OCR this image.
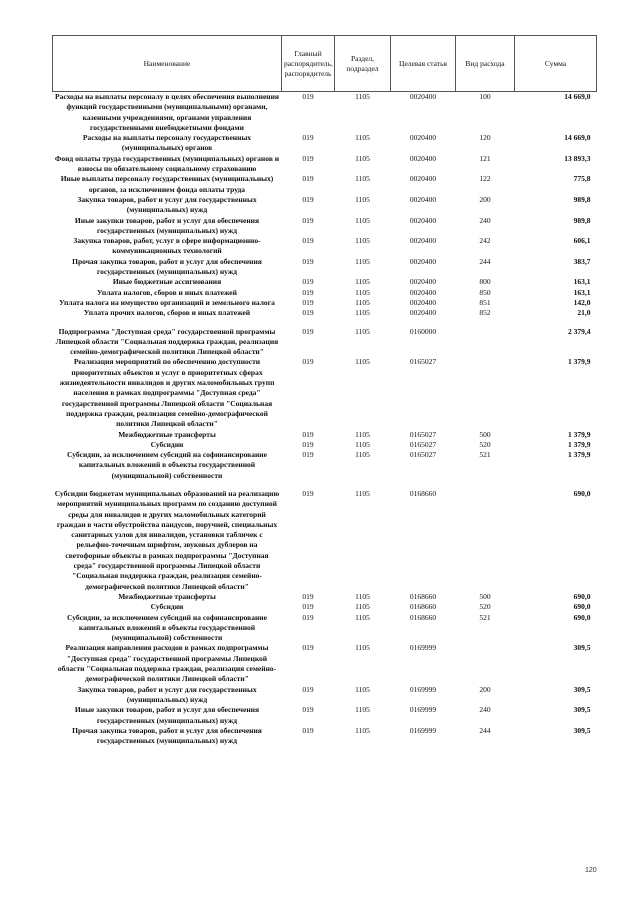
Наименование	Главный распорядитель, распорядитель	Раздел, подраздел	Целевая статья	Вид расхода	Сумма
Расходы на выплаты персоналу в целях обеспечения выполнения функций государственными (муниципальными) органами, казенными учреждениями, органами управления государственными внебюджетными фондами	019	1105	0020400	100	14 669,0
Расходы на выплаты персоналу государственных (муниципальных) органов	019	1105	0020400	120	14 669,0
Фонд оплаты труда государственных (муниципальных) органов и взносы по обязательному социальному страхованию	019	1105	0020400	121	13 893,3
Иные выплаты персоналу государственных (муниципальных) органов, за исключением фонда оплаты труда	019	1105	0020400	122	775,8
Закупка товаров, работ и услуг для государственных (муниципальных) нужд	019	1105	0020400	200	989,8
Иные закупки товаров, работ и услуг для обеспечения государственных (муниципальных) нужд	019	1105	0020400	240	989,8
Закупка товаров, работ, услуг в сфере информационно-коммуникационных технологий	019	1105	0020400	242	606,1
Прочая закупка товаров, работ и услуг для обеспечения государственных (муниципальных) нужд	019	1105	0020400	244	383,7
Иные бюджетные ассигнования	019	1105	0020400	800	163,1
Уплата налогов, сборов и иных платежей	019	1105	0020400	850	163,1
Уплата налога на имущество организаций и земельного налога	019	1105	0020400	851	142,0
Уплата прочих налогов, сборов и иных платежей	019	1105	0020400	852	21,0

Подпрограмма "Доступная среда" государственной программы Липецкой области "Социальная поддержка граждан, реализация семейно-демографической политики Липецкой области"	019	1105	0160000		2 379,4
Реализация мероприятий по обеспечению доступности приоритетных объектов и услуг в приоритетных сферах жизнедеятельности инвалидов и других маломобильных групп населения в рамках подпрограммы "Доступная среда" государственной программы Липецкой области "Социальная поддержка граждан, реализация семейно-демографической политики Липецкой области"	019	1105	0165027		1 379,9
Межбюджетные трансферты	019	1105	0165027	500	1 379,9
Субсидии	019	1105	0165027	520	1 379,9
Субсидии, за исключением субсидий на софинансирование капитальных вложений в объекты государственной (муниципальной) собственности	019	1105	0165027	521	1 379,9

Субсидии бюджетам муниципальных образований на реализацию мероприятий муниципальных программ по созданию доступной среды для инвалидов и других маломобильных категорий граждан в части обустройства пандусов, поручней, специальных санитарных узлов для инвалидов, установки табличек с рельефно-точечным шрифтом, звуковых дублеров на светофорные объекты в рамках подпрограммы "Доступная среда" государственной программы Липецкой области "Социальная поддержка граждан, реализация семейно-демографической политики Липецкой области"	019	1105	0168660		690,0
Межбюджетные трансферты	019	1105	0168660	500	690,0
Субсидии	019	1105	0168660	520	690,0
Субсидии, за исключением субсидий на софинансирование капитальных вложений в объекты государственной (муниципальной) собственности	019	1105	0168660	521	690,0
Реализация направления расходов в рамках подпрограммы "Доступная среда" государственной программы Липецкой области "Социальная поддержка граждан, реализация семейно-демографической политики Липецкой области"	019	1105	0169999		309,5
Закупка товаров, работ и услуг для государственных (муниципальных) нужд	019	1105	0169999	200	309,5
Иные закупки товаров, работ и услуг для обеспечения государственных (муниципальных) нужд	019	1105	0169999	240	309,5
Прочая закупка товаров, работ и услуг для обеспечения государственных (муниципальных) нужд	019	1105	0169999	244	309,5
120
